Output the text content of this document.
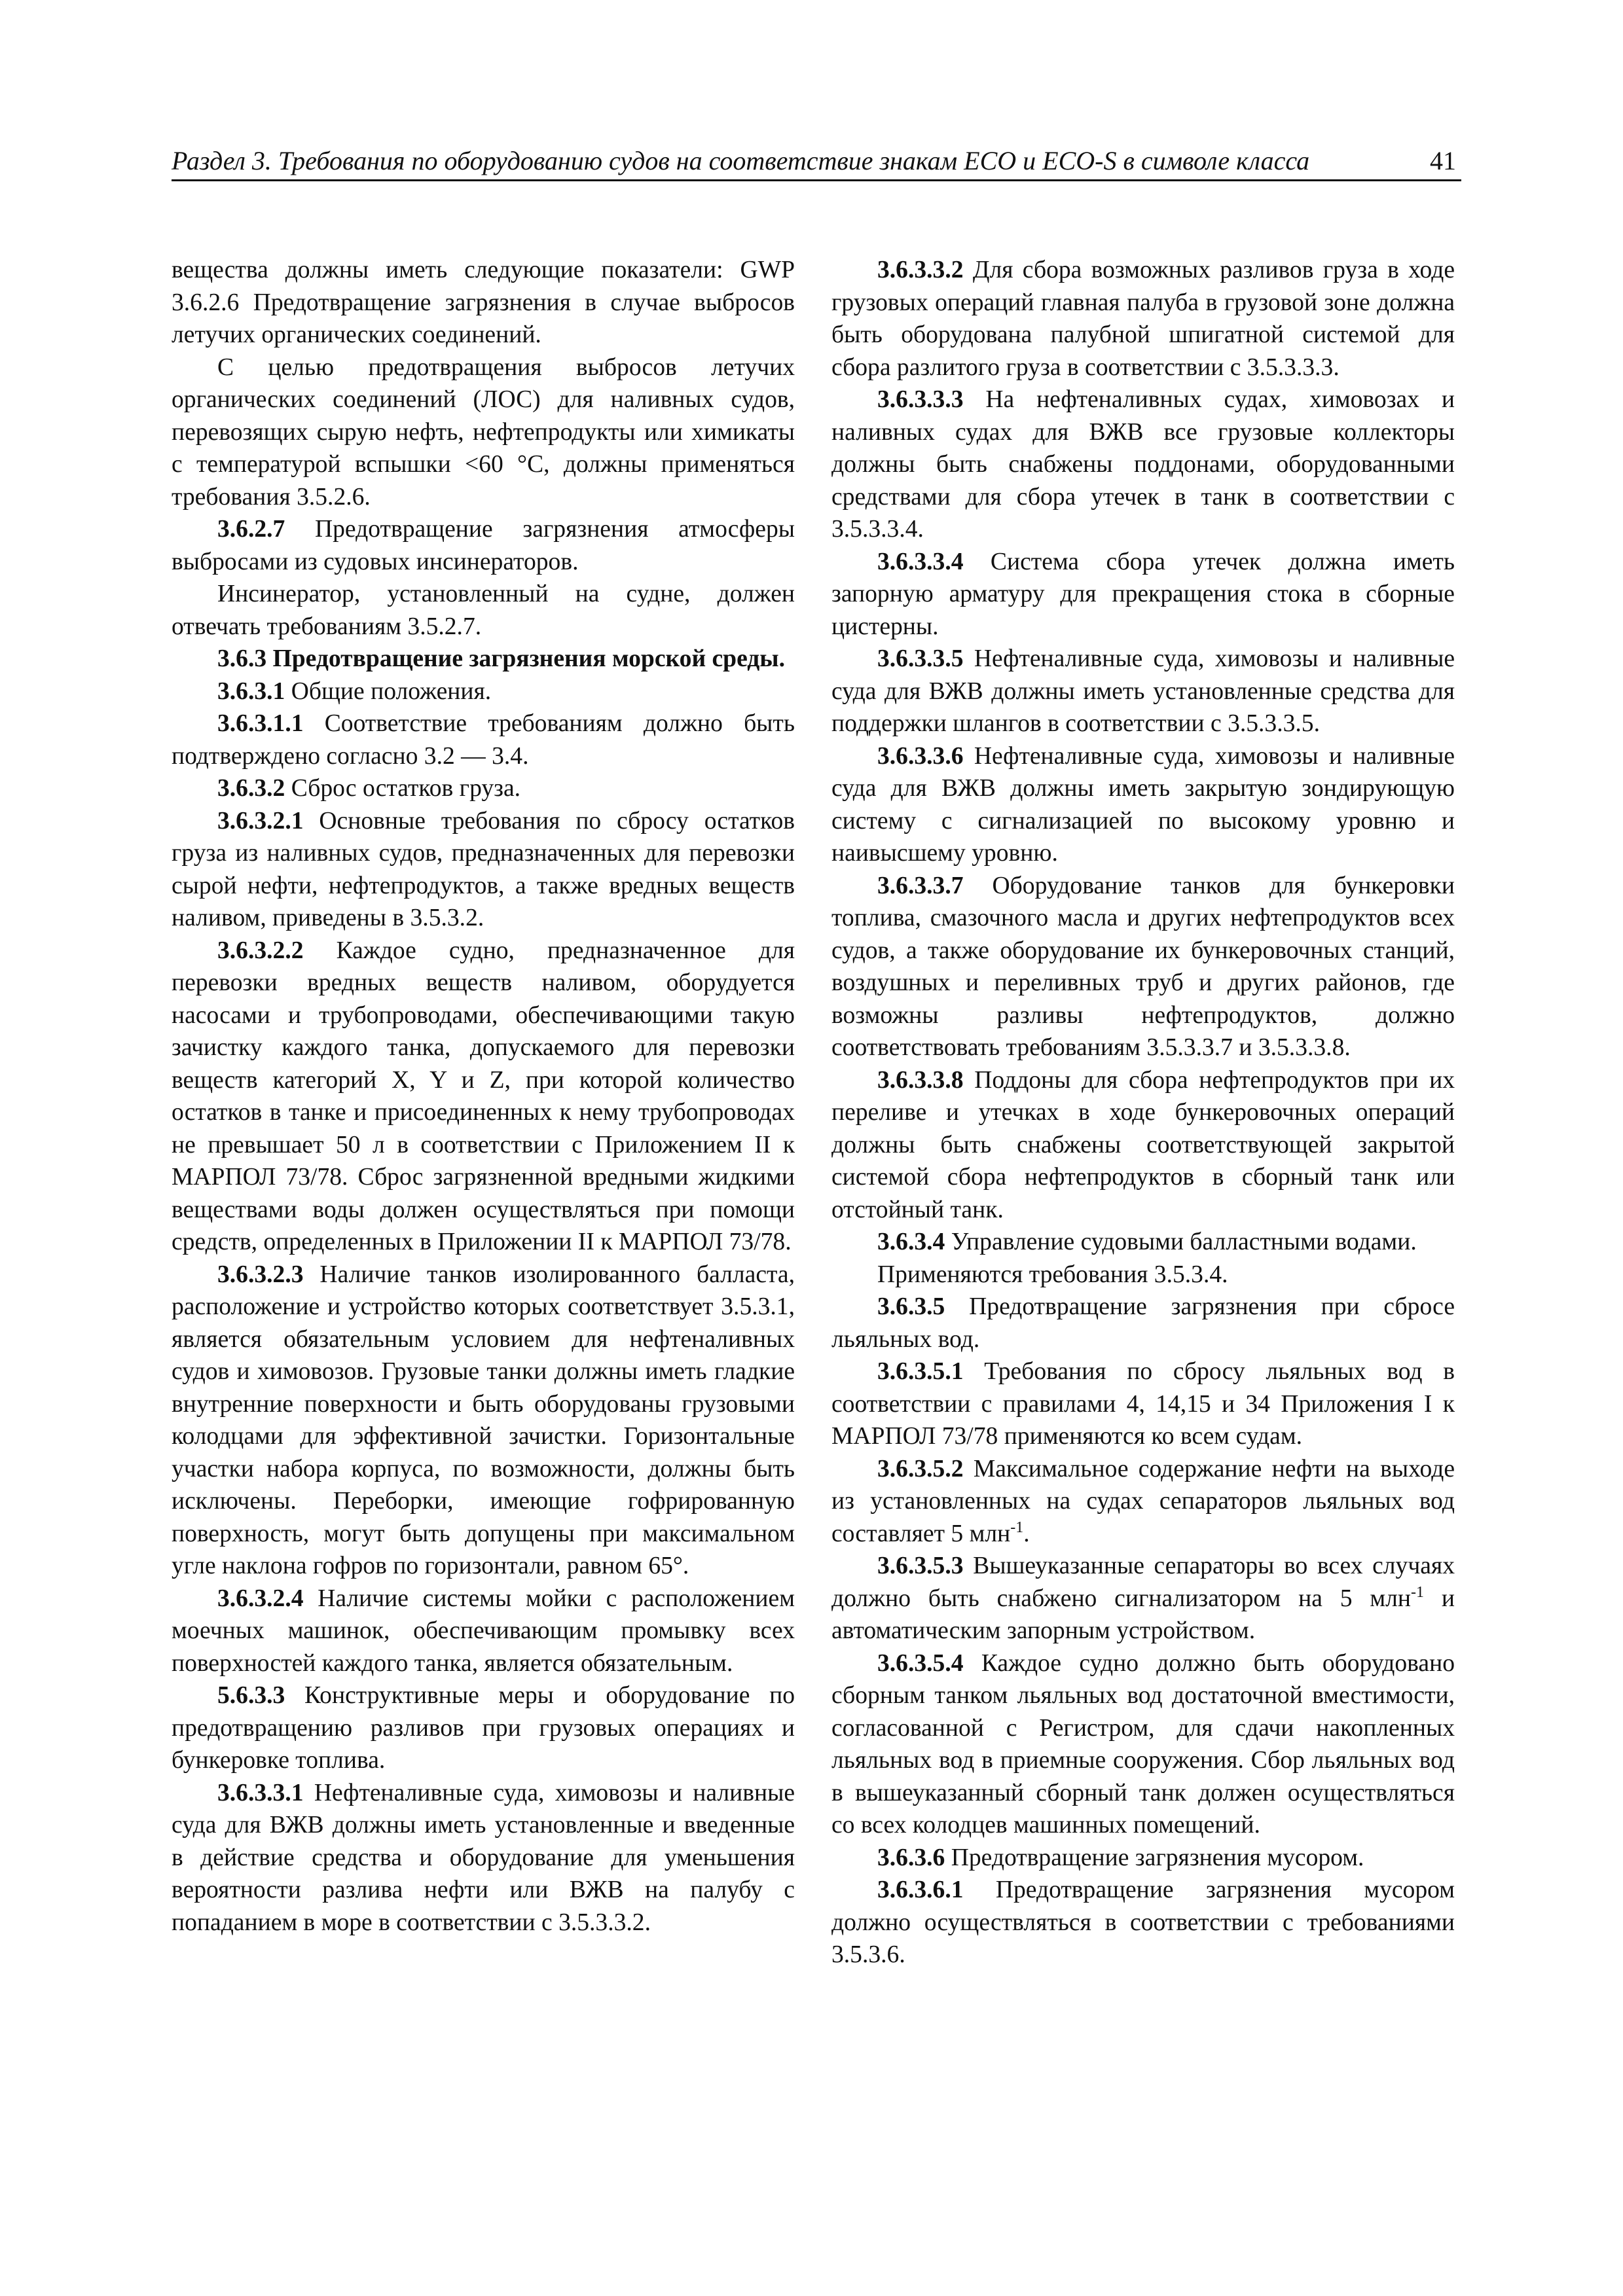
Раздел 3. Требования по оборудованию судов на соответствие знакам ECO и ECO-S в символе класса	41

вещества должны иметь следующие показатели: GWP 3.6.2.6 Предотвращение загрязнения в случае выбросов летучих органических соединений.

С целью предотвращения выбросов летучих органических соединений (ЛОС) для наливных судов, перевозящих сырую нефть, нефтепродукты или химикаты с температурой вспышки <60 °С, должны применяться требования 3.5.2.6.

3.6.2.7 Предотвращение загрязнения атмосферы выбросами из судовых инсинераторов.

Инсинератор, установленный на судне, должен отвечать требованиям 3.5.2.7.

3.6.3 Предотвращение загрязнения морской среды.

3.6.3.1 Общие положения.

3.6.3.1.1 Соответствие требованиям должно быть подтверждено согласно 3.2 — 3.4.

3.6.3.2 Сброс остатков груза.

3.6.3.2.1 Основные требования по сбросу остатков груза из наливных судов, предназначенных для перевозки сырой нефти, нефтепродуктов, а также вредных веществ наливом, приведены в 3.5.3.2.

3.6.3.2.2 Каждое судно, предназначенное для перевозки вредных веществ наливом, оборудуется насосами и трубопроводами, обеспечивающими такую зачистку каждого танка, допускаемого для перевозки веществ категорий X, Y и Z, при которой количество остатков в танке и присоединенных к нему трубопроводах не превышает 50 л в соответствии с Приложением II к МАРПОЛ 73/78. Сброс загрязненной вредными жидкими веществами воды должен осуществляться при помощи средств, определенных в Приложении II к МАРПОЛ 73/78.

3.6.3.2.3 Наличие танков изолированного балласта, расположение и устройство которых соответствует 3.5.3.1, является обязательным условием для нефтеналивных судов и химовозов. Грузовые танки должны иметь гладкие внутренние поверхности и быть оборудованы грузовыми колодцами для эффективной зачистки. Горизонтальные участки набора корпуса, по возможности, должны быть исключены. Переборки, имеющие гофрированную поверхность, могут быть допущены при максимальном угле наклона гофров по горизонтали, равном 65°.

3.6.3.2.4 Наличие системы мойки с расположением моечных машинок, обеспечивающим промывку всех поверхностей каждого танка, является обязательным.

5.6.3.3 Конструктивные меры и оборудование по предотвращению разливов при грузовых операциях и бункеровке топлива.

3.6.3.3.1 Нефтеналивные суда, химовозы и наливные суда для ВЖВ должны иметь установленные и введенные в действие средства и оборудование для уменьшения вероятности разлива нефти или ВЖВ на палубу с попаданием в море в соответствии с 3.5.3.3.2.

3.6.3.3.2 Для сбора возможных разливов груза в ходе грузовых операций главная палуба в грузовой зоне должна быть оборудована палубной шпигатной системой для сбора разлитого груза в соответствии с 3.5.3.3.3.

3.6.3.3.3 На нефтеналивных судах, химовозах и наливных судах для ВЖВ все грузовые коллекторы должны быть снабжены поддонами, оборудованными средствами для сбора утечек в танк в соответствии с 3.5.3.3.4.

3.6.3.3.4 Система сбора утечек должна иметь запорную арматуру для прекращения стока в сборные цистерны.

3.6.3.3.5 Нефтеналивные суда, химовозы и наливные суда для ВЖВ должны иметь установленные средства для поддержки шлангов в соответствии с 3.5.3.3.5.

3.6.3.3.6 Нефтеналивные суда, химовозы и наливные суда для ВЖВ должны иметь закрытую зондирующую систему с сигнализацией по высокому уровню и наивысшему уровню.

3.6.3.3.7 Оборудование танков для бункеровки топлива, смазочного масла и других нефтепродуктов всех судов, а также оборудование их бункеровочных станций, воздушных и переливных труб и других районов, где возможны разливы нефтепродуктов, должно соответствовать требованиям 3.5.3.3.7 и 3.5.3.3.8.

3.6.3.3.8 Поддоны для сбора нефтепродуктов при их переливе и утечках в ходе бункеровочных операций должны быть снабжены соответствующей закрытой системой сбора нефтепродуктов в сборный танк или отстойный танк.

3.6.3.4 Управление судовыми балластными водами.

Применяются требования 3.5.3.4.

3.6.3.5 Предотвращение загрязнения при сбросе льяльных вод.

3.6.3.5.1 Требования по сбросу льяльных вод в соответствии с правилами 4, 14,15 и 34 Приложения I к МАРПОЛ 73/78 применяются ко всем судам.

3.6.3.5.2 Максимальное содержание нефти на выходе из установленных на судах сепараторов льяльных вод составляет 5 млн$^{-1}$.

3.6.3.5.3 Вышеуказанные сепараторы во всех случаях должно быть снабжено сигнализатором на 5 млн$^{-1}$ и автоматическим запорным устройством.

3.6.3.5.4 Каждое судно должно быть оборудовано сборным танком льяльных вод достаточной вместимости, согласованной с Регистром, для сдачи накопленных льяльных вод в приемные сооружения. Сбор льяльных вод в вышеуказанный сборный танк должен осуществляться со всех колодцев машинных помещений.

3.6.3.6 Предотвращение загрязнения мусором.

3.6.3.6.1 Предотвращение загрязнения мусором должно осуществляться в соответствии с требованиями 3.5.3.6.
